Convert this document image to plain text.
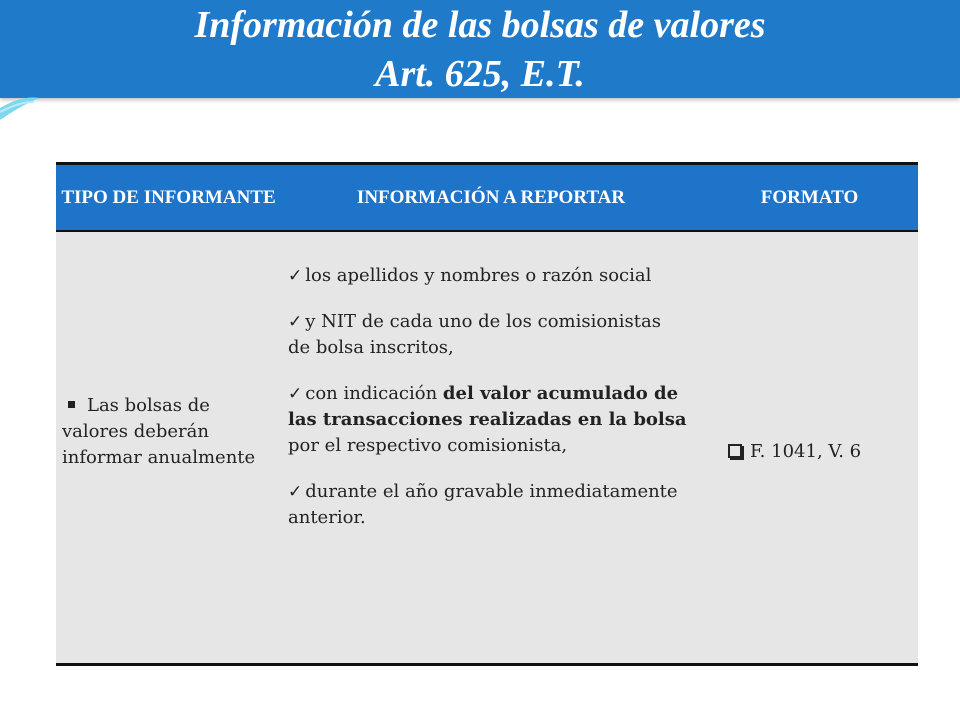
Información de las bolsas de valores
Art. 625, E.T.
TIPO DE INFORMANTE	INFORMACIÓN A REPORTAR	FORMATO
Las bolsas de valores deberán informar anualmente
✓ los apellidos y nombres o razón social
✓ y NIT de cada uno de los comisionistas de bolsa inscritos,
✓ con indicación del valor acumulado de las transacciones realizadas en la bolsa por el respectivo comisionista,
✓ durante el año gravable inmediatamente anterior.
F. 1041, V. 6
